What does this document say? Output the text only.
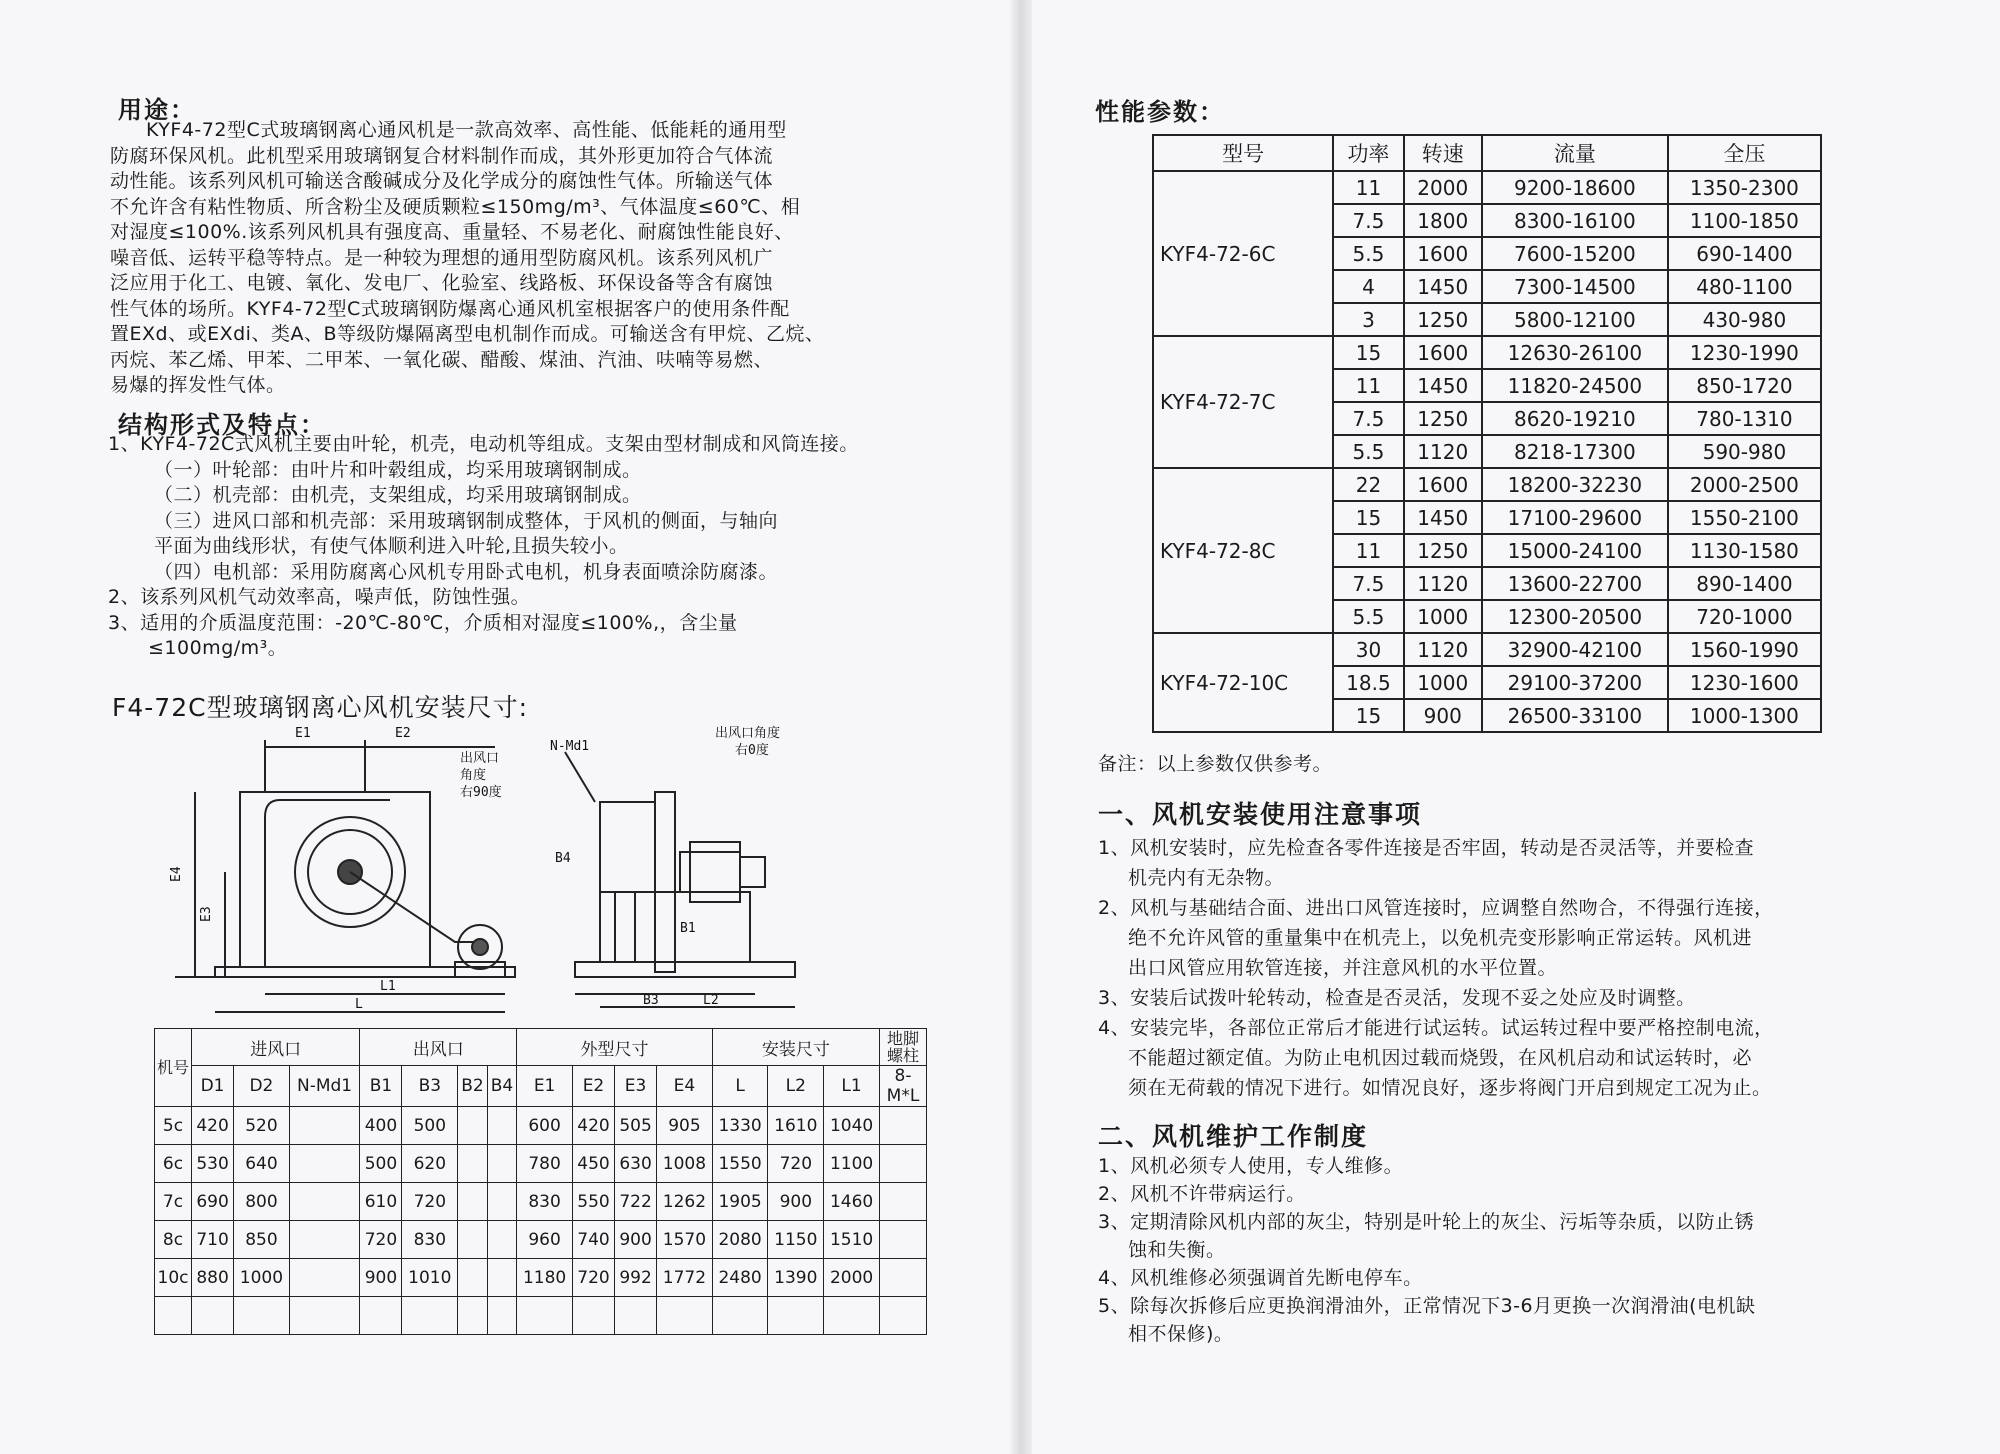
用途：

KYF4-72型C式玻璃钢离心通风机是一款高效率、高性能、低能耗的通用型

防腐环保风机。此机型采用玻璃钢复合材料制作而成，其外形更加符合气体流

动性能。该系列风机可输送含酸碱成分及化学成分的腐蚀性气体。所输送气体

不允许含有粘性物质、所含粉尘及硬质颗粒≤150mg/m³、气体温度≤60℃、相

对湿度≤100%.该系列风机具有强度高、重量轻、不易老化、耐腐蚀性能良好、

噪音低、运转平稳等特点。是一种较为理想的通用型防腐风机。该系列风机广

泛应用于化工、电镀、氧化、发电厂、化验室、线路板、环保设备等含有腐蚀

性气体的场所。KYF4-72型C式玻璃钢防爆离心通风机室根据客户的使用条件配

置EXd、或EXdi、类A、B等级防爆隔离型电机制作而成。可输送含有甲烷、乙烷、

丙烷、苯乙烯、甲苯、二甲苯、一氧化碳、醋酸、煤油、汽油、呋喃等易燃、

易爆的挥发性气体。

结构形式及特点：

1、KYF4-72C式风机主要由叶轮，机壳，电动机等组成。支架由型材制成和风筒连接。

（一）叶轮部：由叶片和叶毂组成，均采用玻璃钢制成。

（二）机壳部：由机壳，支架组成，均采用玻璃钢制成。

（三）进风口部和机壳部：采用玻璃钢制成整体，于风机的侧面，与轴向

平面为曲线形状，有使气体顺利进入叶轮,且损失较小。

（四）电机部：采用防腐离心风机专用卧式电机，机身表面喷涂防腐漆。

2、该系列风机气动效率高，噪声低，防蚀性强。

3、适用的介质温度范围：-20℃-80℃，介质相对湿度≤100%,，含尘量

≤100mg/m³。

F4-72C型玻璃钢离心风机安装尺寸:
E1	E2
出风口
角度
右90度
E4
E3
L1
L
N-Md1
出风口角度
右0度
B1
B3	L2
B4
机号	进风口			出风口				外型尺寸				安装尺寸			地脚螺柱
	D1	D2	N-Md1	B1	B3	B2	B4	E1	E2	E3	E4	L	L2	L1	8-M*L
5c	420	520		400	500			600	420	505	905	1330	1610	1040	
6c	530	640		500	620			780	450	630	1008	1550	720	1100	
7c	690	800		610	720			830	550	722	1262	1905	900	1460	
8c	710	850		720	830			960	740	900	1570	2080	1150	1510	
10c	880	1000		900	1010			1180	720	992	1772	2480	1390	2000	

性能参数：
型号	功率	转速	流量	全压
KYF4-72-6C	11	2000	9200-18600	1350-2300
	7.5	1800	8300-16100	1100-1850
	5.5	1600	7600-15200	690-1400
	4	1450	7300-14500	480-1100
	3	1250	5800-12100	430-980
KYF4-72-7C	15	1600	12630-26100	1230-1990
	11	1450	11820-24500	850-1720
	7.5	1250	8620-19210	780-1310
	5.5	1120	8218-17300	590-980
KYF4-72-8C	22	1600	18200-32230	2000-2500
	15	1450	17100-29600	1550-2100
	11	1250	15000-24100	1130-1580
	7.5	1120	13600-22700	890-1400
	5.5	1000	12300-20500	720-1000
KYF4-72-10C	30	1120	32900-42100	1560-1990
	18.5	1000	29100-37200	1230-1600
	15	900	26500-33100	1000-1300
备注：以上参数仅供参考。
一、风机安装使用注意事项

1、风机安装时，应先检查各零件连接是否牢固，转动是否灵活等，并要检查

机壳内有无杂物。

2、风机与基础结合面、进出口风管连接时，应调整自然吻合，不得强行连接，

绝不允许风管的重量集中在机壳上，以免机壳变形影响正常运转。风机进

出口风管应用软管连接，并注意风机的水平位置。

3、安装后试拨叶轮转动，检查是否灵活，发现不妥之处应及时调整。

4、安装完毕，各部位正常后才能进行试运转。试运转过程中要严格控制电流，

不能超过额定值。为防止电机因过载而烧毁，在风机启动和试运转时，必

须在无荷载的情况下进行。如情况良好，逐步将阀门开启到规定工况为止。

二、风机维护工作制度

1、风机必须专人使用，专人维修。

2、风机不许带病运行。

3、定期清除风机内部的灰尘，特别是叶轮上的灰尘、污垢等杂质，以防止锈

蚀和失衡。

4、风机维修必须强调首先断电停车。

5、除每次拆修后应更换润滑油外，正常情况下3-6月更换一次润滑油(电机缺

相不保修)。
